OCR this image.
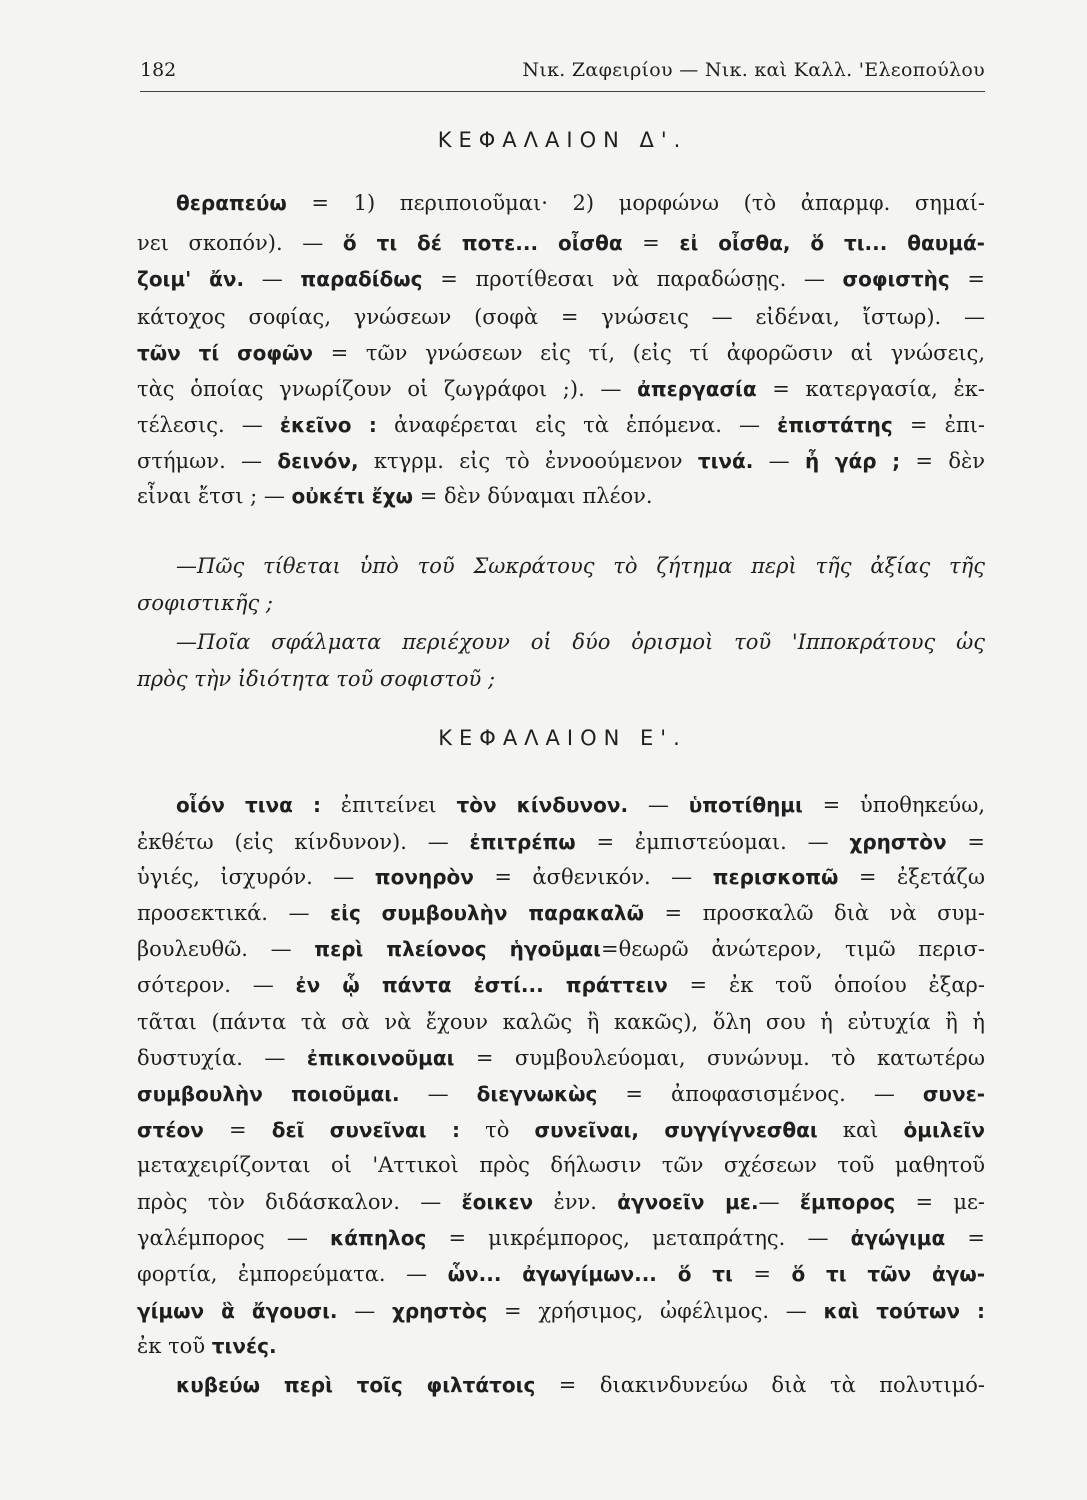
182	Νικ. Ζαφειρίου — Νικ. καὶ Καλλ. 'Ελεοπούλου
ΚΕΦΑΛΑΙΟΝ Δ'.
θεραπεύω = 1) περιποιοῦμαι· 2) μορφώνω (τὸ ἀπαρμφ. σημαί-
νει σκοπόν). — ὅ τι δέ ποτε... οἶσθα = εἰ οἶσθα, ὅ τι... θαυμά-
ζοιμ' ἄν. — παραδίδως = προτίθεσαι νὰ παραδώσῃς. — σοφιστὴς =
κάτοχος σοφίας, γνώσεων (σοφὰ = γνώσεις — εἰδέναι, ἴστωρ). —
τῶν τί σοφῶν = τῶν γνώσεων εἰς τί, (εἰς τί ἀφορῶσιν αἱ γνώσεις,
τὰς ὁποίας γνωρίζουν οἱ ζωγράφοι ;). — ἀπεργασία = κατεργασία, ἐκ-
τέλεσις. — ἐκεῖνο : ἀναφέρεται εἰς τὰ ἑπόμενα. — ἐπιστάτης = ἐπι-
στήμων. — δεινόν, κτγρμ. εἰς τὸ ἐννοούμενον τινά. — ἦ γάρ ; = δὲν
εἶναι ἔτσι ; — οὐκέτι ἔχω = δὲν δύναμαι πλέον.
—Πῶς τίθεται ὑπὸ τοῦ Σωκράτους τὸ ζήτημα περὶ τῆς ἀξίας τῆς
σοφιστικῆς ;
—Ποῖα σφάλματα περιέχουν οἱ δύο ὁρισμοὶ τοῦ 'Ιπποκράτους ὡς
πρὸς τὴν ἰδιότητα τοῦ σοφιστοῦ ;
ΚΕΦΑΛΑΙΟΝ Ε'.
οἷόν τινα : ἐπιτείνει τὸν κίνδυνον. — ὑποτίθημι = ὑποθηκεύω,
ἐκθέτω (εἰς κίνδυνον). — ἐπιτρέπω = ἐμπιστεύομαι. — χρηστὸν =
ὑγιές, ἰσχυρόν. — πονηρὸν = ἀσθενικόν. — περισκοπῶ = ἐξετάζω
προσεκτικά. — εἰς συμβουλὴν παρακαλῶ = προσκαλῶ διὰ νὰ συμ-
βουλευθῶ. — περὶ πλείονος ἡγοῦμαι=θεωρῶ ἀνώτερον, τιμῶ περισ-
σότερον. — ἐν ᾧ πάντα ἐστί... πράττειν = ἐκ τοῦ ὁποίου ἐξαρ-
τᾶται (πάντα τὰ σὰ νὰ ἔχουν καλῶς ἢ κακῶς), ὅλη σου ἡ εὐτυχία ἢ ἡ
δυστυχία. — ἐπικοινοῦμαι = συμβουλεύομαι, συνώνυμ. τὸ κατωτέρω
συμβουλὴν ποιοῦμαι. — διεγνωκὼς = ἀποφασισμένος. — συνε-
στέον = δεῖ συνεῖναι : τὸ συνεῖναι, συγγίγνεσθαι καὶ ὁμιλεῖν
μεταχειρίζονται οἱ 'Αττικοὶ πρὸς δήλωσιν τῶν σχέσεων τοῦ μαθητοῦ
πρὸς τὸν διδάσκαλον. — ἔοικεν ἐνν. ἀγνοεῖν με.— ἔμπορος = με-
γαλέμπορος — κάπηλος = μικρέμπορος, μεταπράτης. — ἀγώγιμα =
φορτία, ἐμπορεύματα. — ὧν... ἀγωγίμων... ὅ τι = ὅ τι τῶν ἀγω-
γίμων ἃ ἄγουσι. — χρηστὸς = χρήσιμος, ὠφέλιμος. — καὶ τούτων :
ἐκ τοῦ τινές.
κυβεύω περὶ τοῖς φιλτάτοις = διακινδυνεύω διὰ τὰ πολυτιμό-
